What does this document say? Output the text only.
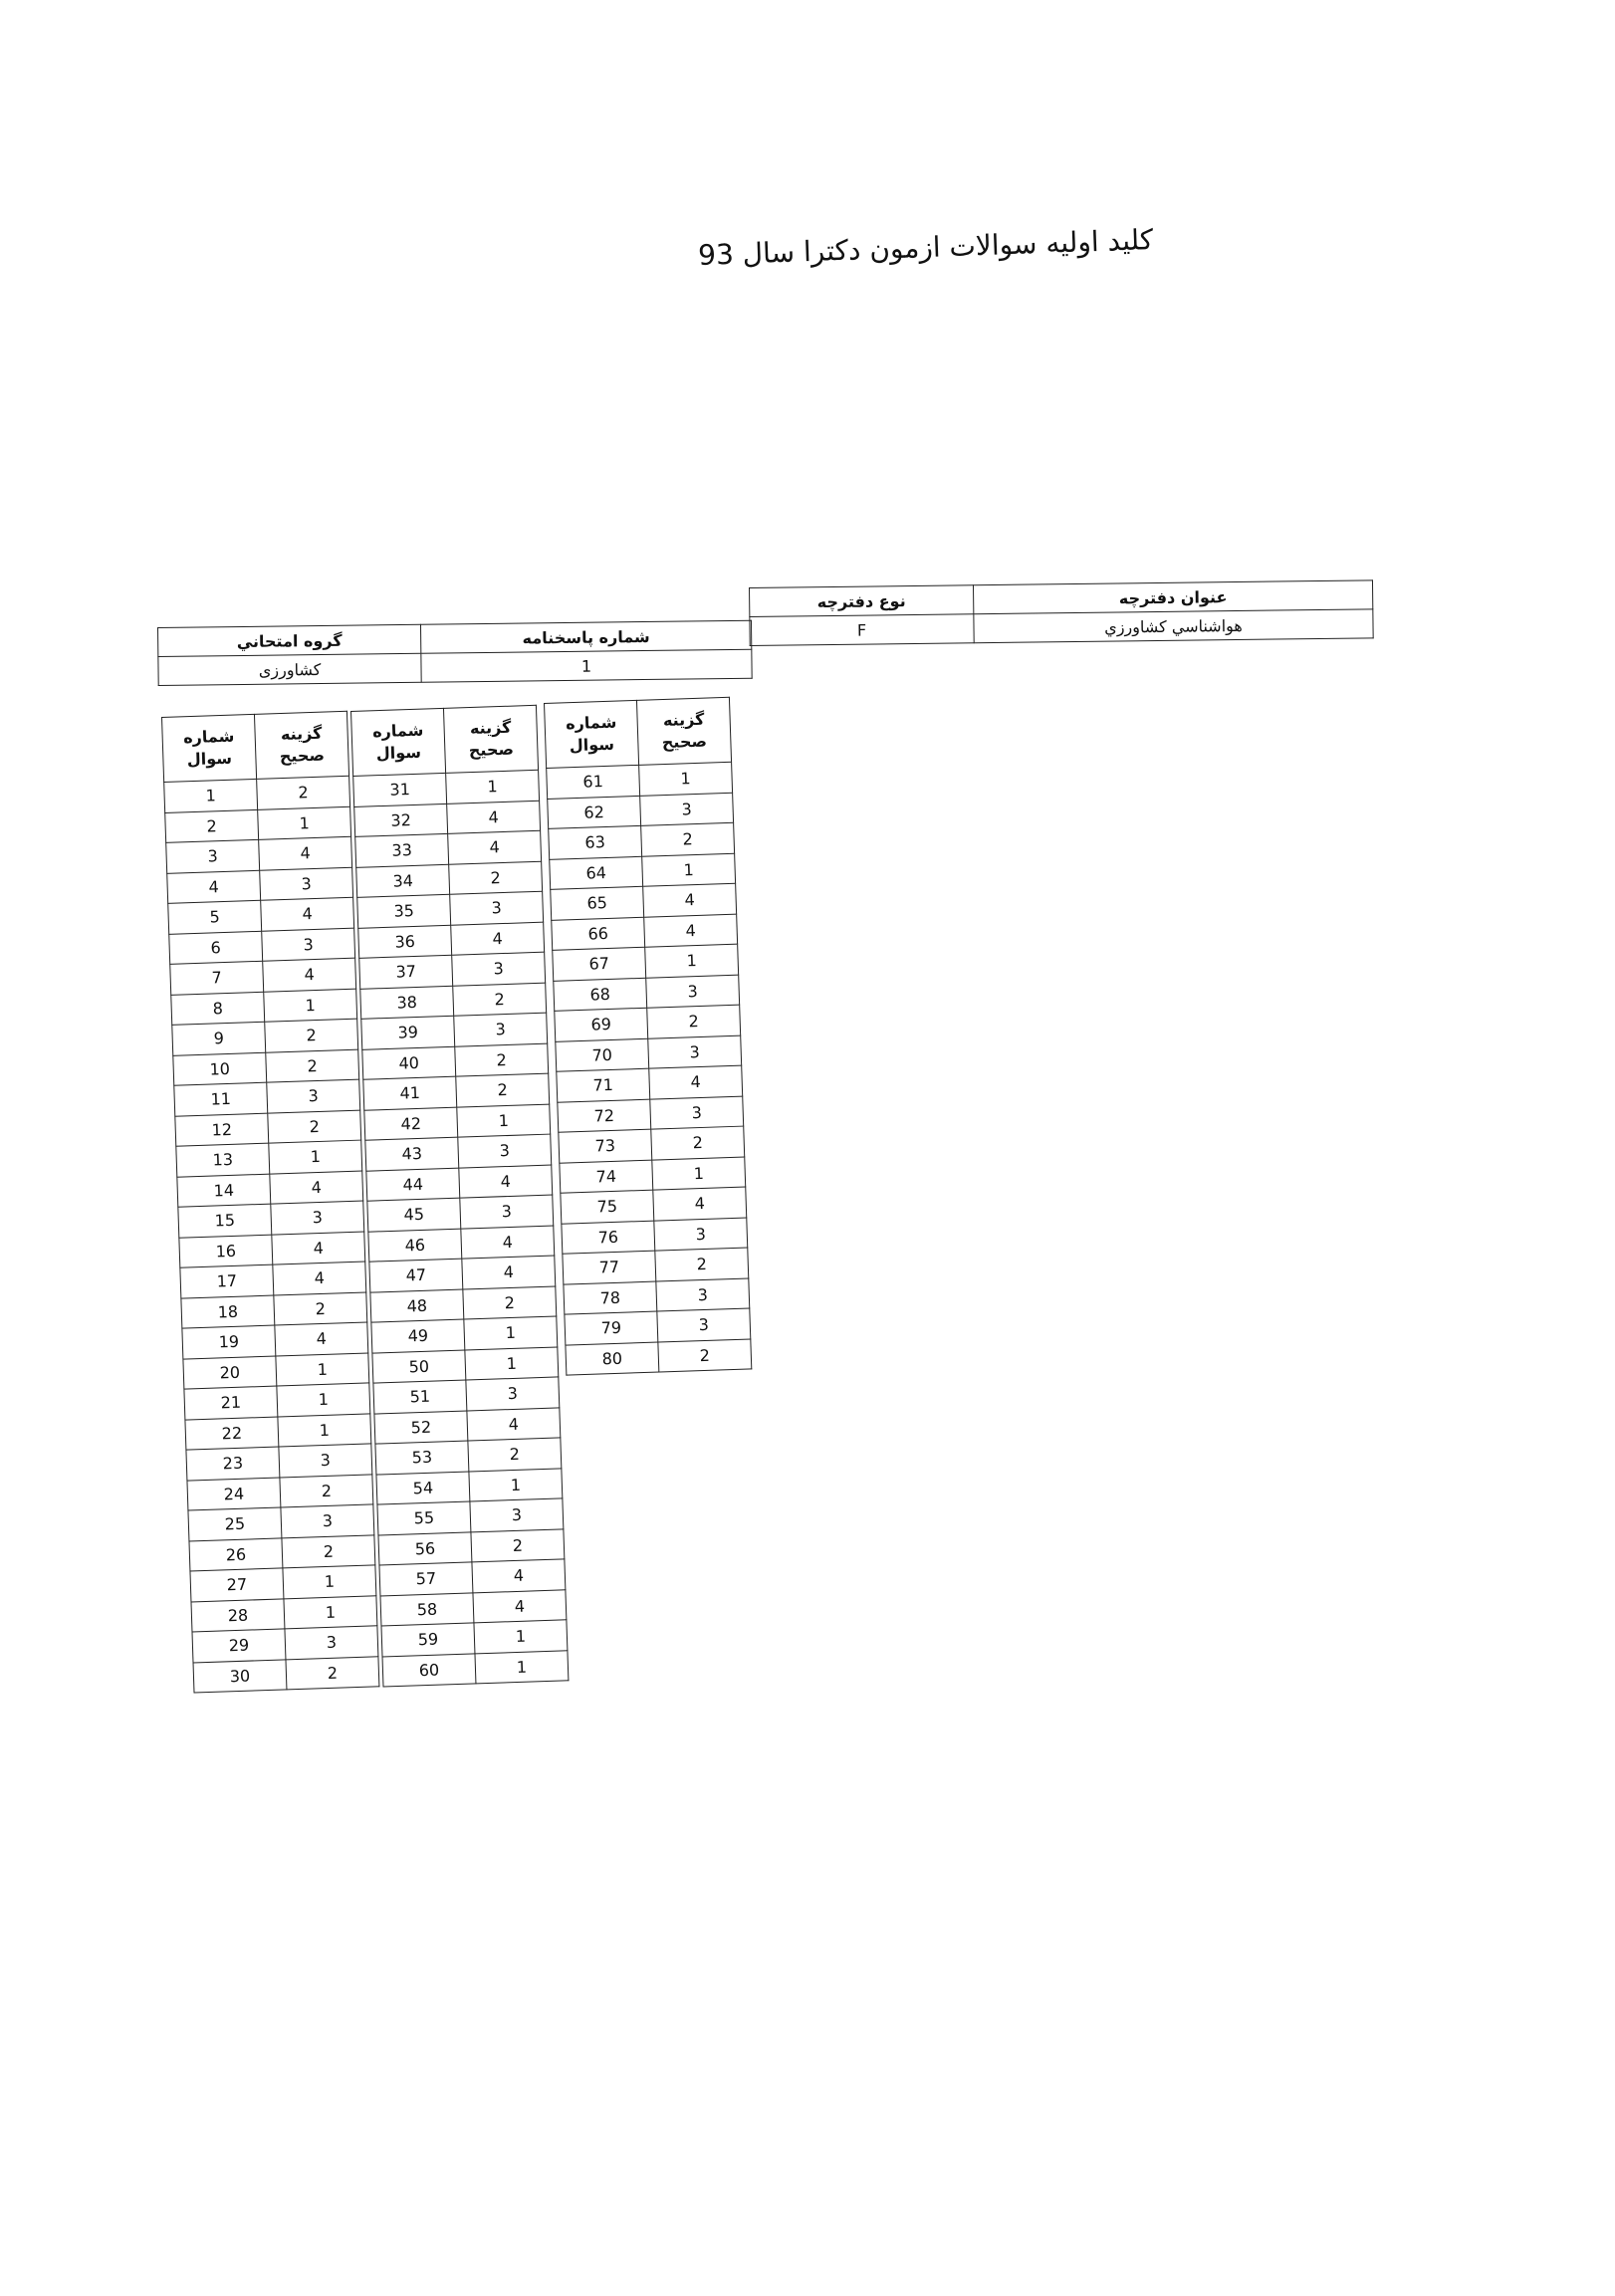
کلید اولیه سوالات ازمون دکترا سال 93
نوع دفترچه	عنوان دفترچه
F	هواشناسي كشاورزي
گروه امتحاني	شماره پاسخنامه
كشاورزی	1
شماره سوال	گزینه صحیح
1	2
2	1
3	4
4	3
5	4
6	3
7	4
8	1
9	2
10	2
11	3
12	2
13	1
14	4
15	3
16	4
17	4
18	2
19	4
20	1
21	1
22	1
23	3
24	2
25	3
26	2
27	1
28	1
29	3
30	2
شماره سوال	گزینه صحیح
31	1
32	4
33	4
34	2
35	3
36	4
37	3
38	2
39	3
40	2
41	2
42	1
43	3
44	4
45	3
46	4
47	4
48	2
49	1
50	1
51	3
52	4
53	2
54	1
55	3
56	2
57	4
58	4
59	1
60	1
شماره سوال	گزینه صحیح
61	1
62	3
63	2
64	1
65	4
66	4
67	1
68	3
69	2
70	3
71	4
72	3
73	2
74	1
75	4
76	3
77	2
78	3
79	3
80	2
